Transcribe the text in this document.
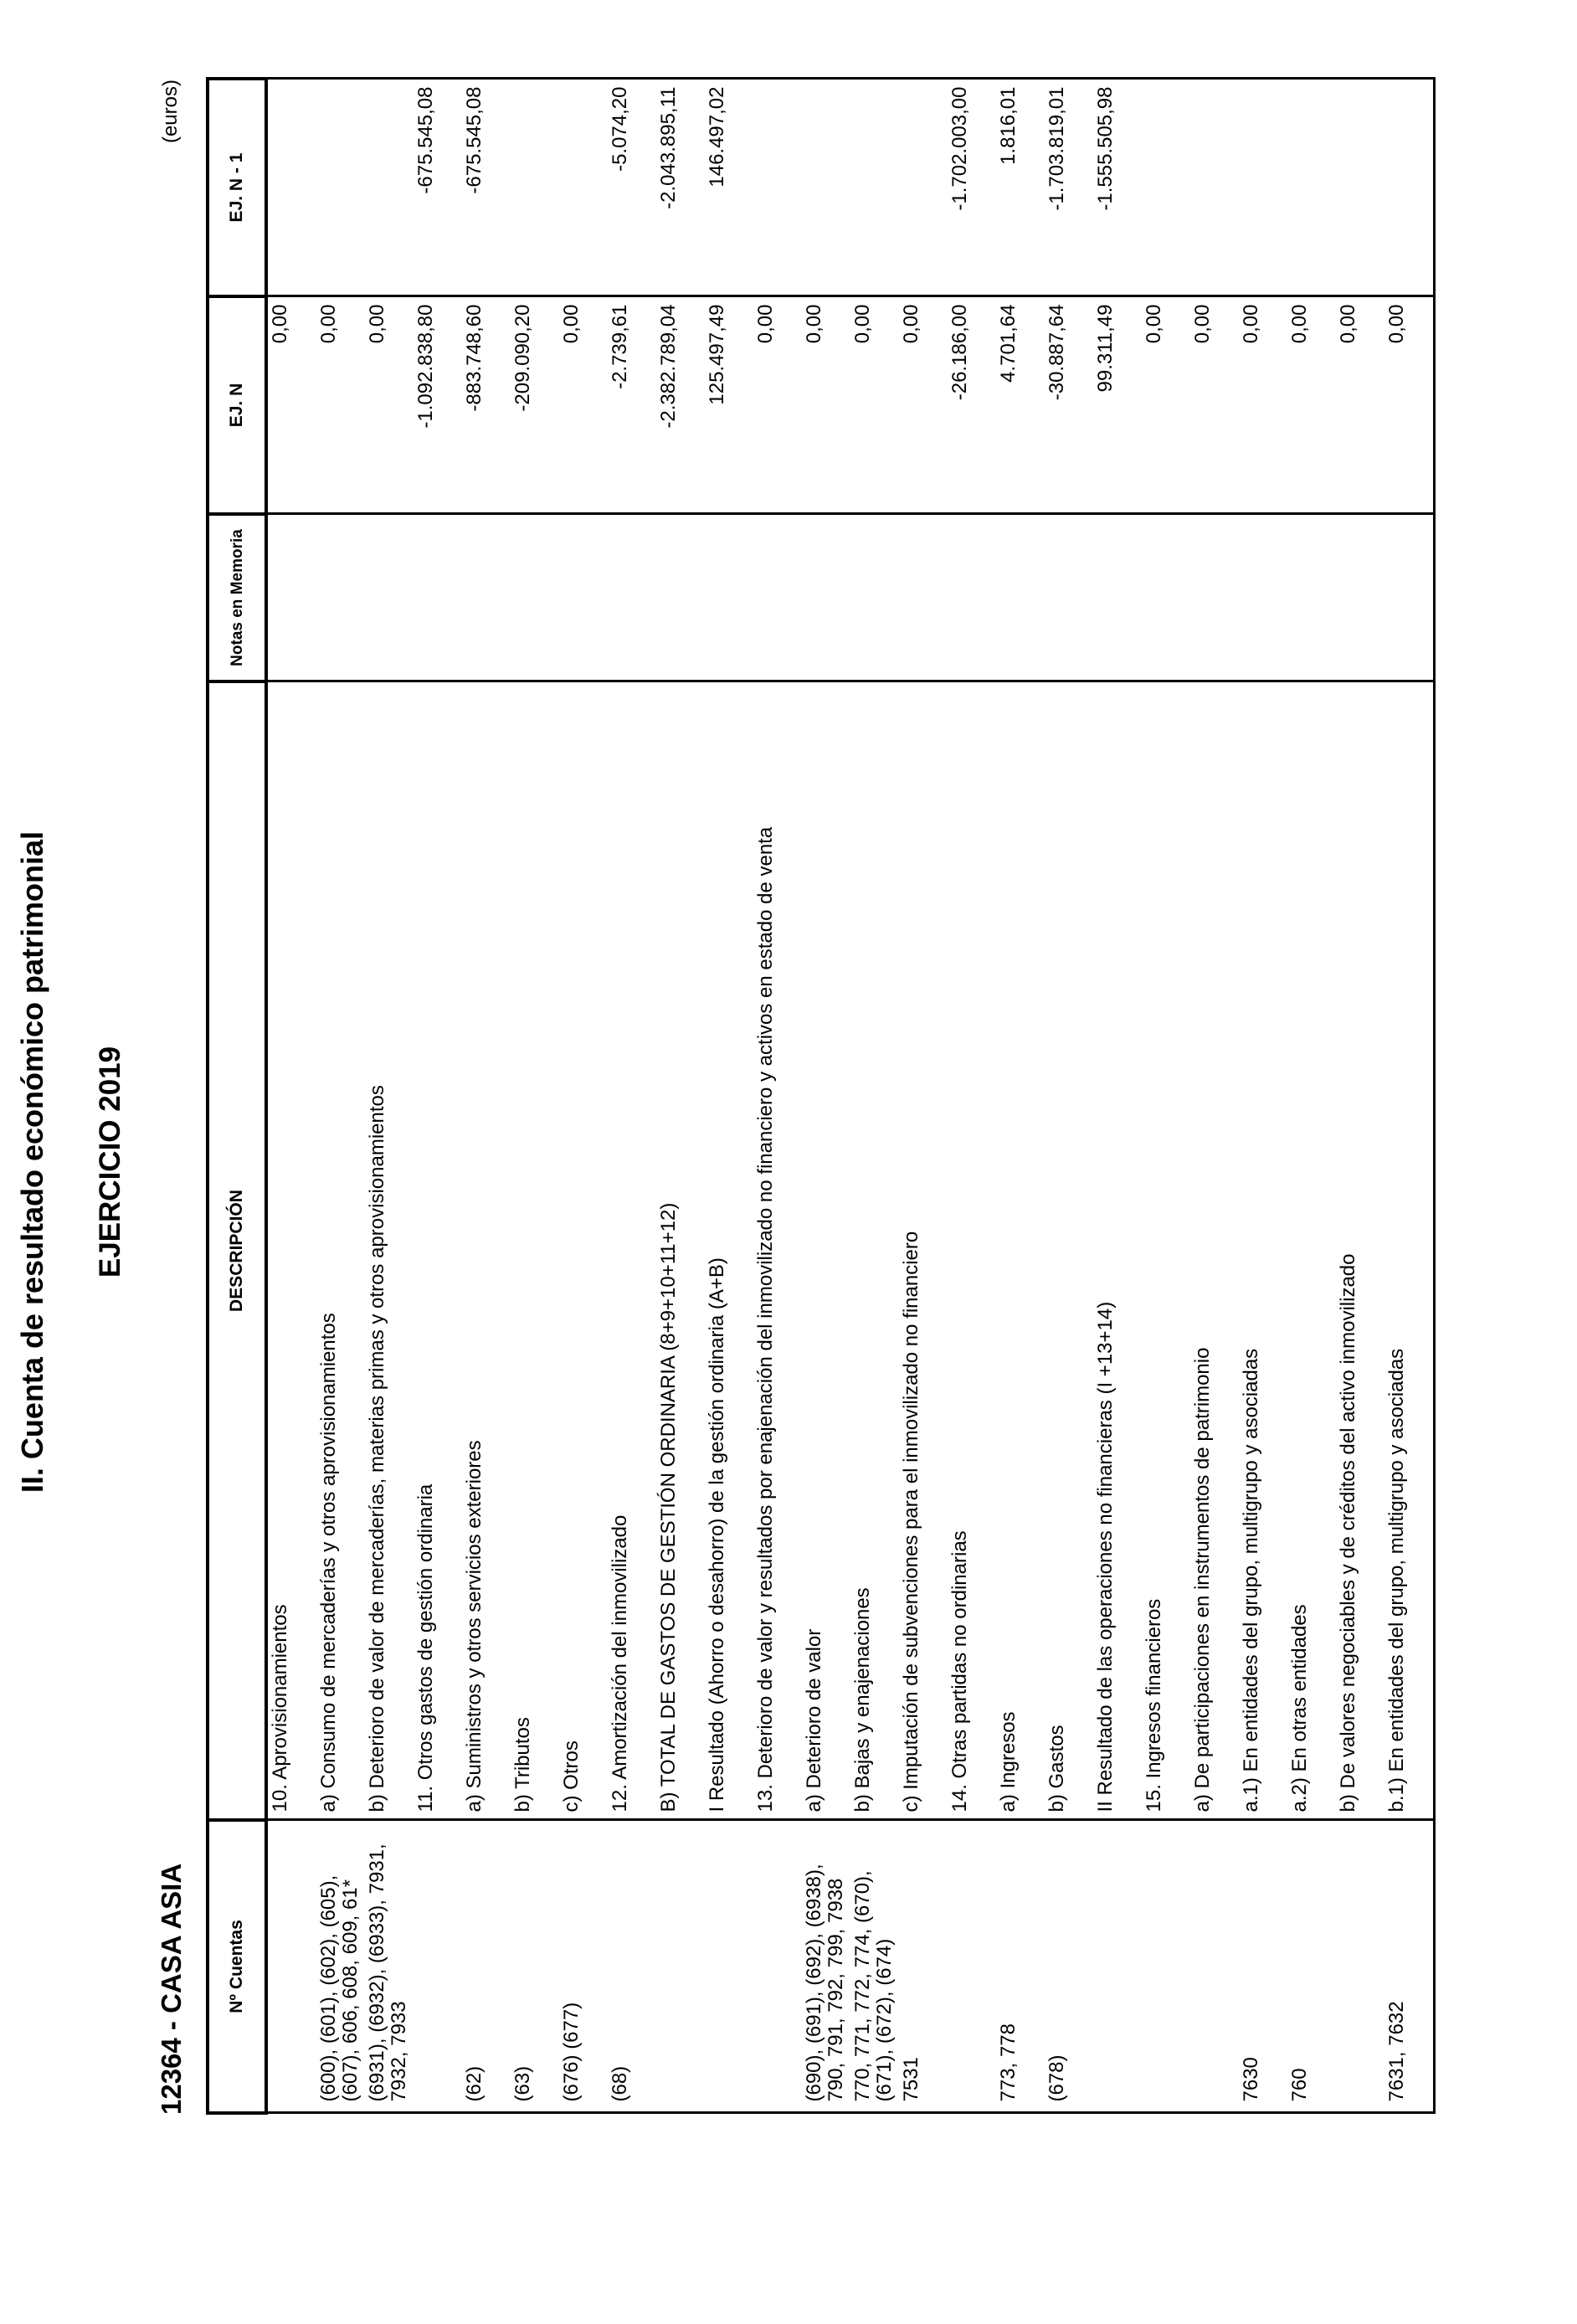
II. Cuenta de resultado económico patrimonial EJERCICIO 2019
12364 - CASA ASIA
(euros)
Nº Cuentas	DESCRIPCIÓN	Notas en Memoria	EJ. N	EJ. N - 1
	10. Aprovisionamientos		0,00	
(600), (601), (602), (605), (607), 606, 608, 609, 61*	a) Consumo de mercaderías y otros aprovisionamientos		0,00	
(6931), (6932), (6933), 7931, 7932, 7933	b) Deterioro de valor de mercaderías, materias primas y otros aprovisionamientos		0,00	
	11. Otros gastos de gestión ordinaria		-1.092.838,80	-675.545,08
(62)	a) Suministros y otros servicios exteriores		-883.748,60	-675.545,08
(63)	b) Tributos		-209.090,20	
(676) (677)	c) Otros		0,00	
(68)	12. Amortización del inmovilizado		-2.739,61	-5.074,20
	B) TOTAL DE GASTOS DE GESTIÓN ORDINARIA (8+9+10+11+12)		-2.382.789,04	-2.043.895,11
	I Resultado (Ahorro o desahorro) de la gestión ordinaria (A+B)		125.497,49	146.497,02
	13. Deterioro de valor y resultados por enajenación del inmovilizado no financiero y activos en estado de venta		0,00	
(690), (691), (692), (6938), 790, 791, 792, 799, 7938	a) Deterioro de valor		0,00	
770, 771, 772, 774, (670), (671), (672), (674)	b) Bajas y enajenaciones		0,00	
7531	c) Imputación de subvenciones para el inmovilizado no financiero		0,00	
	14. Otras partidas no ordinarias		-26.186,00	-1.702.003,00
773, 778	a) Ingresos		4.701,64	1.816,01
(678)	b) Gastos		-30.887,64	-1.703.819,01
	II Resultado de las operaciones no financieras (I +13+14)		99.311,49	-1.555.505,98
	15. Ingresos financieros		0,00	
	a) De participaciones en instrumentos de patrimonio		0,00	
7630	a.1) En entidades del grupo, multigrupo y asociadas		0,00	
760	a.2) En otras entidades		0,00	
	b) De valores negociables y de créditos del activo inmovilizado		0,00	
7631, 7632	b.1) En entidades del grupo, multigrupo y asociadas		0,00	
